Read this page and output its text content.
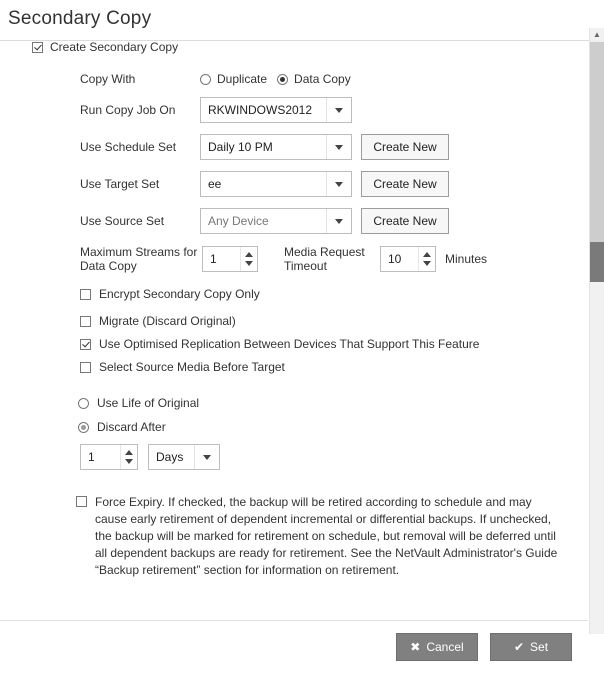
Secondary Copy
▲
Create Secondary Copy
Copy With	Duplicate Data Copy
Run Copy Job On	RKWINDOWS2012
Use Schedule Set	Daily 10 PM	Create New
Use Target Set	ee	Create New
Use Source Set	Any Device	Create New
Maximum Streams for Data Copy	1	Media Request Timeout	10	Minutes
Encrypt Secondary Copy Only
Migrate (Discard Original)
Use Optimised Replication Between Devices That Support This Feature
Select Source Media Before Target
Use Life of Original
Discard After
1	Days
Force Expiry. If checked, the backup will be retired according to schedule and may cause early retirement of dependent incremental or differential backups. If unchecked, the backup will be marked for retirement on schedule, but removal will be deferred until all dependent backups are ready for retirement. See the NetVault Administrator's Guide “Backup retirement” section for information on retirement.
✖ Cancel	✔ Set
